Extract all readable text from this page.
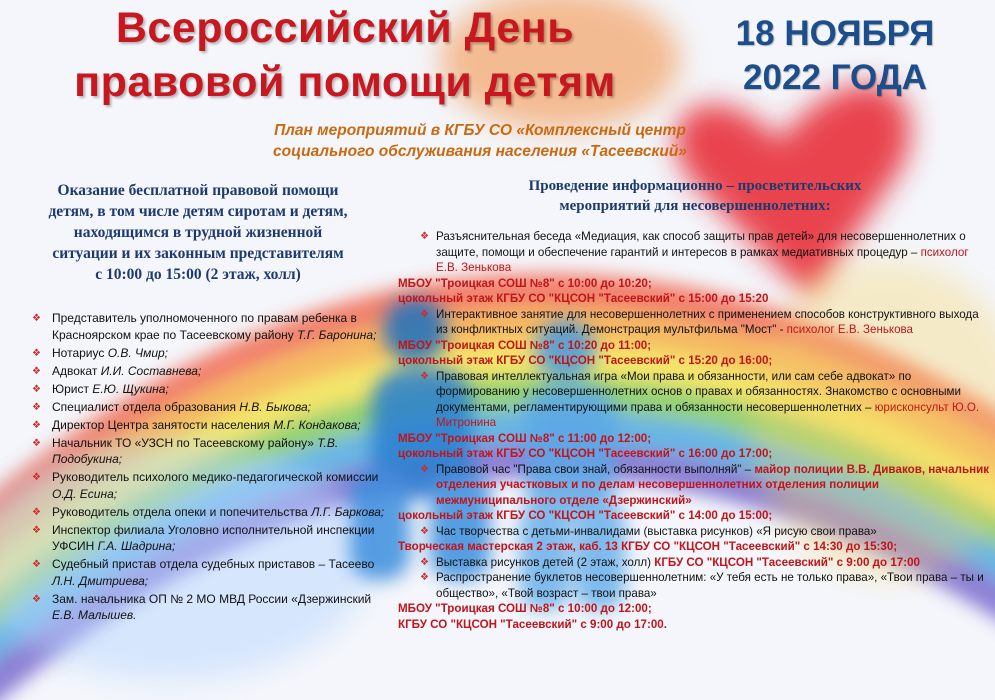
Всероссийский День
правовой помощи детям
18 НОЯБРЯ
2022 ГОДА
План мероприятий в КГБУ СО «Комплексный центр
социального обслуживания населения «Тасеевский»
Оказание бесплатной правовой помощи
детям, в том числе детям сиротам и детям,
находящимся в трудной жизненной
ситуации и их законным представителям
с 10:00 до 15:00 (2 этаж, холл)
❖ Представитель уполномоченного по правам ребенка в Красноярском крае по Тасеевскому району Т.Г. Баронина;
❖ Нотариус О.В. Чмир;
❖ Адвокат И.И. Составнева;
❖ Юрист Е.Ю. Щукина;
❖ Специалист отдела образования Н.В. Быкова;
❖ Директор Центра занятости населения М.Г. Кондакова;
❖ Начальник ТО «УЗСН по Тасеевскому району» Т.В. Подобукина;
❖ Руководитель психолого медико-педагогической комиссии О.Д. Есина;
❖ Руководитель отдела опеки и попечительства Л.Г. Баркова;
❖ Инспектор филиала Уголовно исполнительной инспекции УФСИН Г.А. Шадрина;
❖ Судебный пристав отдела судебных приставов – Тасеево Л.Н. Дмитриева;
❖ Зам. начальника ОП № 2 МО МВД России «Дзержинский Е.В. Малышев.
Проведение информационно – просветительских
мероприятий для несовершеннолетних:
❖ Разъяснительная беседа «Медиация, как способ защиты прав детей» для несовершеннолетних о защите, помощи и обеспечение гарантий и интересов в рамках медиативных процедур – психолог Е.В. Зенькова
МБОУ "Троицкая СОШ №8" с 10:00 до 10:20;
цокольный этаж КГБУ СО "КЦСОН "Тасеевский" с 15:00 до 15:20
❖ Интерактивное занятие для несовершеннолетних с применением способов конструктивного выхода из конфликтных ситуаций. Демонстрация мультфильма "Мост" - психолог Е.В. Зенькова
МБОУ "Троицкая СОШ №8" с 10:20 до 11:00;
цокольный этаж КГБУ СО "КЦСОН "Тасеевский" с 15:20 до 16:00;
❖ Правовая интеллектуальная игра «Мои права и обязанности, или сам себе адвокат» по формированию у несовершеннолетних основ о правах и обязанностях. Знакомство с основными документами, регламентирующими права и обязанности несовершеннолетних – юрисконсульт Ю.О. Митронина
МБОУ "Троицкая СОШ №8" с 11:00 до 12:00;
цокольный этаж КГБУ СО "КЦСОН "Тасеевский" с 16:00 до 17:00;
❖ Правовой час "Права свои знай, обязанности выполняй" – майор полиции В.В. Дивaков, начальник отделения участковых и по делам несовершеннолетних отделения полиции межмуниципального отделе «Дзержинский»
цокольный этаж КГБУ СО "КЦСОН "Тасеевский" с 14:00 до 15:00;
❖ Час творчества с детьми-инвалидами (выставка рисунков) «Я рисую свои права»
Творческая мастерская 2 этаж, каб. 13 КГБУ СО "КЦСОН "Тасеевский" с 14:30 до 15:30;
❖ Выставка рисунков детей (2 этаж, холл) КГБУ СО "КЦСОН "Тасеевский" с 9:00 до 17:00
❖ Распространение буклетов несовершеннолетним: «У тебя есть не только права», «Твои права – ты и общество», «Твой возраст – твои права»
МБОУ "Троицкая СОШ №8" с 10:00 до 12:00;
КГБУ СО "КЦСОН "Тасеевский" с 9:00 до 17:00.
